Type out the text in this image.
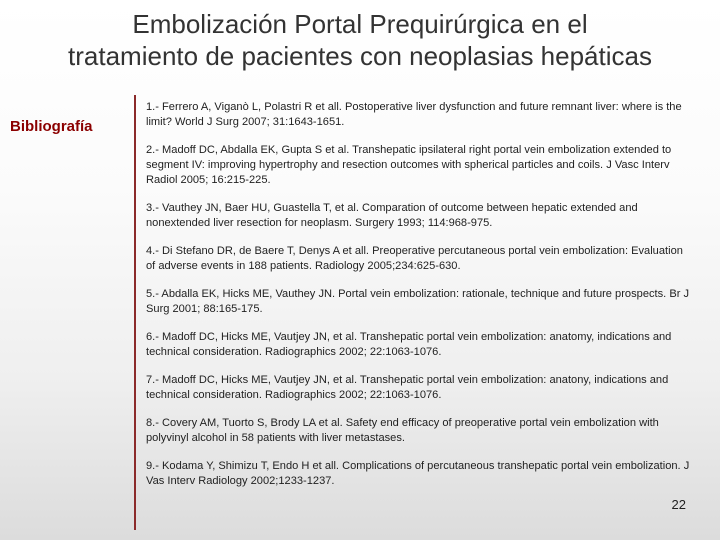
Embolización Portal Prequirúrgica en el
tratamiento de pacientes con neoplasias hepáticas
Bibliografía

1.- Ferrero A, Viganò L, Polastri R et all. Postoperative liver dysfunction and future remnant liver: where is the limit? World J Surg 2007; 31:1643-1651.

2.- Madoff DC, Abdalla EK, Gupta S et al. Transhepatic ipsilateral right portal vein embolization extended to segment IV: improving hypertrophy and resection outcomes with spherical particles and coils. J Vasc Interv
Radiol 2005; 16:215-225.

3.- Vauthey JN, Baer HU, Guastella T, et al. Comparation of outcome between hepatic extended and nonextended liver resection for neoplasm. Surgery 1993; 114:968-975.

4.- Di Stefano DR, de Baere T, Denys A et all. Preoperative percutaneous portal vein embolization: Evaluation of adverse events in 188 patients. Radiology 2005;234:625-630.

5.- Abdalla EK, Hicks ME, Vauthey JN. Portal vein embolization: rationale, technique and future prospects. Br J Surg 2001; 88:165-175.

6.- Madoff DC, Hicks ME, Vautjey JN, et al. Transhepatic portal vein embolization: anatomy, indications and technical consideration. Radiographics 2002; 22:1063-1076.

7.- Madoff DC, Hicks ME, Vautjey JN, et al. Transhepatic portal vein embolization: anatony, indications and technical consideration. Radiographics 2002; 22:1063-1076.

8.- Covery AM, Tuorto S, Brody LA et al. Safety end efficacy of preoperative portal vein embolization with polyvinyl alcohol in 58 patients with liver metastases.

9.- Kodama Y, Shimizu T, Endo H et all. Complications of percutaneous transhepatic portal vein embolization. J Vas Interv Radiology 2002;1233-1237.

22
